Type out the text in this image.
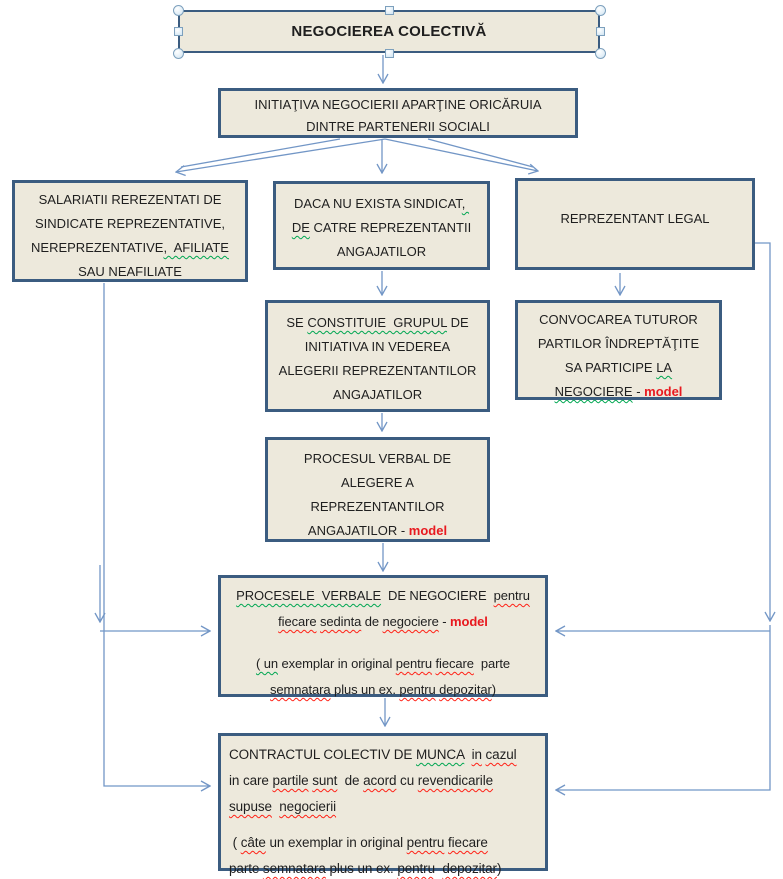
NEGOCIEREA COLECTIVĂ
INITIAŢIVA NEGOCIERII APARŢINE ORICĂRUIA
DINTRE PARTENERII SOCIALI
SALARIATII REREZENTATI DE
SINDICATE REPREZENTATIVE,
NEREPREZENTATIVE,  AFILIATE
SAU NEAFILIATE
DACA NU EXISTA SINDICAT,
DE CATRE REPREZENTANTII
ANGAJATILOR
REPREZENTANT LEGAL
SE CONSTITUIE  GRUPUL DE
INITIATIVA IN VEDEREA
ALEGERII REPREZENTANTILOR
ANGAJATILOR
CONVOCAREA TUTUROR
PARTILOR ÎNDREPTĂŢITE
SA PARTICIPE LA
NEGOCIERE - model
PROCESUL VERBAL DE
ALEGERE A
REPREZENTANTILOR
ANGAJATILOR - model
PROCESELE  VERBALE  DE NEGOCIERE  pentru
fiecare sedinta de negociere - model

( un exemplar in original pentru fiecare  parte
semnatara plus un ex. pentru depozitar)
CONTRACTUL COLECTIV DE MUNCA in cazul
in care partile sunt  de acord cu revendicarile
supuse negocierii

( câte un exemplar in original pentru fiecare
parte semnatara plus un ex. pentru depozitar)
